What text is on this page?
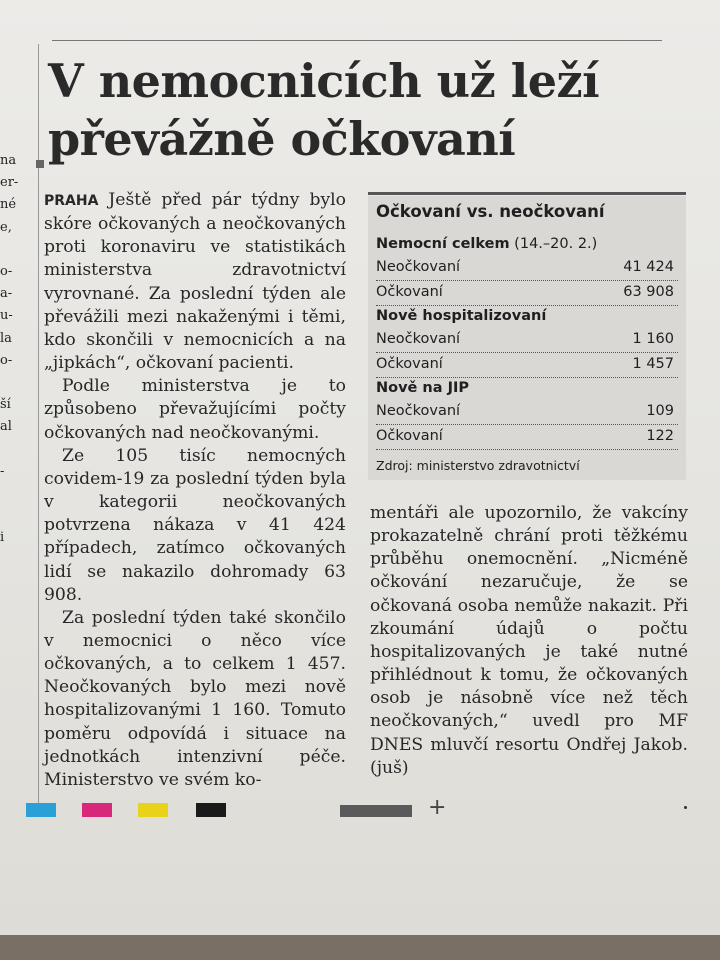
na
er-
né
e,

o-
a-
u-
la
o-

ší
al

-

i

V nemocnicích už leží
převážně očkovaní

PRAHA Ještě před pár týdny bylo skóre očkovaných a neočkovaných proti koronaviru ve statistikách ministerstva zdravotnictví vyrovnané. Za poslední týden ale převážili mezi nakaženými i těmi, kdo skončili v nemocnicích a na „jipkách“, očkovaní pacienti.

Podle ministerstva je to způsobeno převažujícími počty očkovaných nad neočkovanými.

Ze 105 tisíc nemocných covidem-19 za poslední týden byla v kategorii neočkovaných potvrzena nákaza v 41 424 případech, zatímco očkovaných lidí se nakazilo dohromady 63 908.

Za poslední týden také skončilo v nemocnici o něco více očkovaných, a to celkem 1 457. Neočkovaných bylo mezi nově hospitalizovanými 1 160. Tomuto poměru odpovídá i situace na jednotkách intenzivní péče. Ministerstvo ve svém ko-

Očkovaní vs. neočkovaní
Nemocní celkem (14.–20. 2.)
Neočkovaní	41 424
Očkovaní	63 908
Nově hospitalizovaní
Neočkovaní	1 160
Očkovaní	1 457
Nově na JIP
Neočkovaní	109
Očkovaní	122
Zdroj: ministerstvo zdravotnictví

mentáři ale upozornilo, že vakcíny prokazatelně chrání proti těžkému průběhu onemocnění. „Nicméně očkování nezaručuje, že se očkovaná osoba nemůže nakazit. Při zkoumání údajů o počtu hospitalizovaných je také nutné přihlédnout k tomu, že očkovaných osob je násobně více než těch neočkovaných,“ uvedl pro MF DNES mluvčí resortu Ondřej Jakob. (juš)

+
